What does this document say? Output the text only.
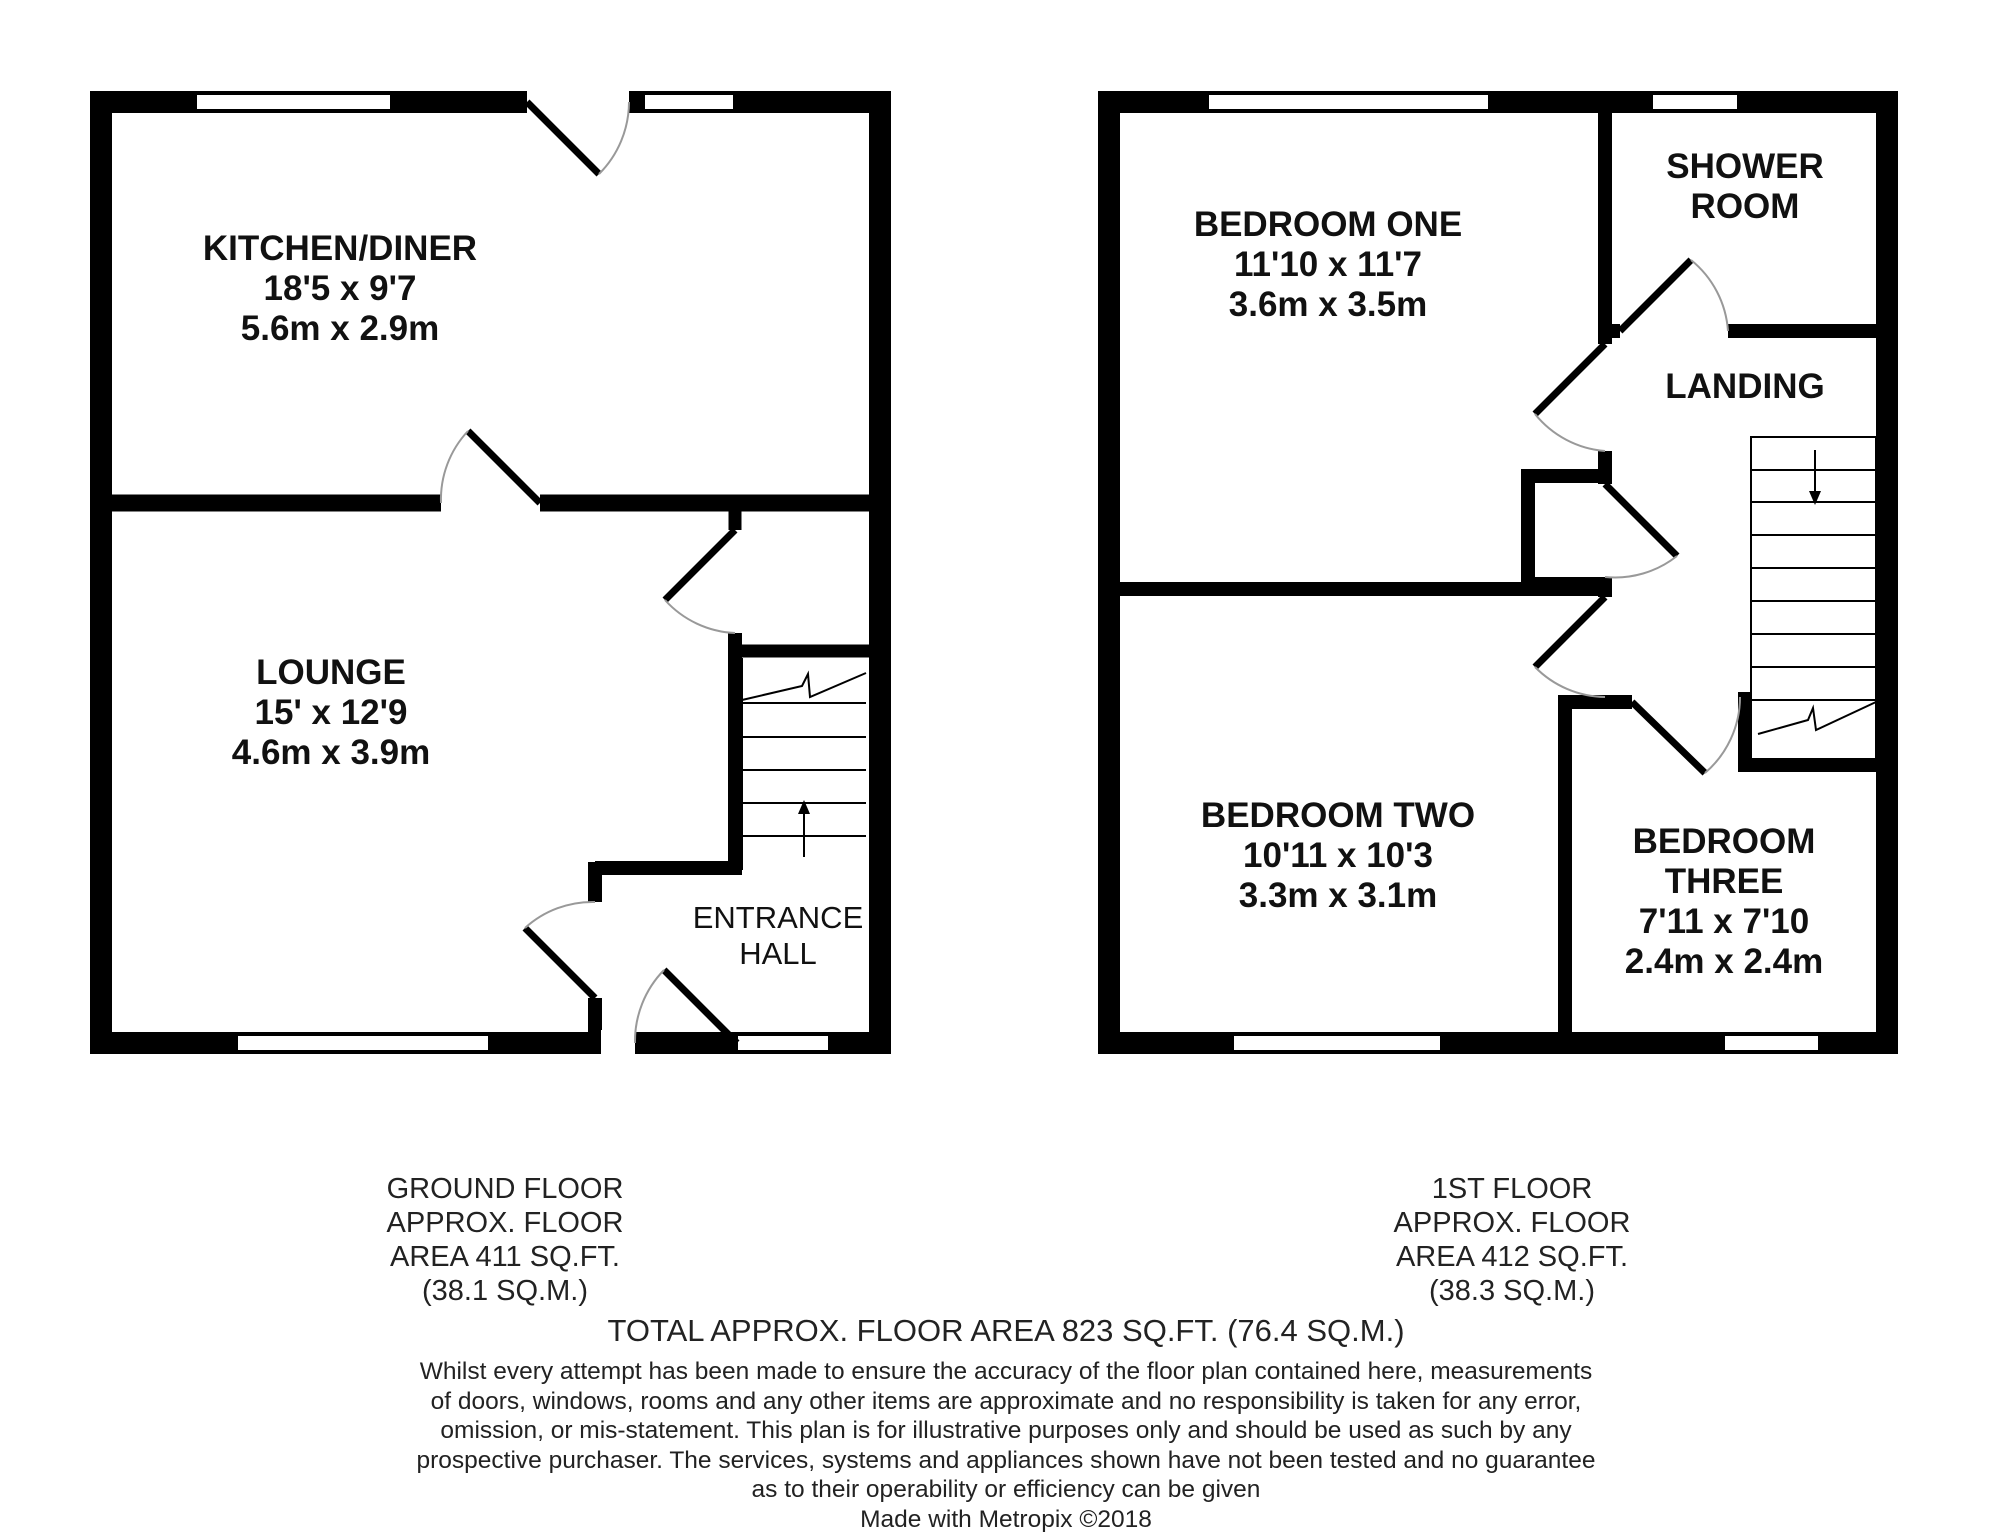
KITCHEN/DINER
18'5 x 9'7
5.6m x 2.9m
LOUNGE
15' x 12'9
4.6m x 3.9m
ENTRANCE
HALL
BEDROOM ONE
11'10 x 11'7
3.6m x 3.5m
SHOWER
ROOM
LANDING
BEDROOM TWO
10'11 x 10'3
3.3m x 3.1m
BEDROOM
THREE
7'11 x 7'10
2.4m x 2.4m
GROUND FLOOR
APPROX. FLOOR
AREA 411 SQ.FT.
(38.1 SQ.M.)
1ST FLOOR
APPROX. FLOOR
AREA 412 SQ.FT.
(38.3 SQ.M.)
TOTAL APPROX. FLOOR AREA 823 SQ.FT. (76.4 SQ.M.)
Whilst every attempt has been made to ensure the accuracy of the floor plan contained here, measurements
of doors, windows, rooms and any other items are approximate and no responsibility is taken for any error,
omission, or mis-statement. This plan is for illustrative purposes only and should be used as such by any
prospective purchaser. The services, systems and appliances shown have not been tested and no guarantee
as to their operability or efficiency can be given
Made with Metropix ©2018
